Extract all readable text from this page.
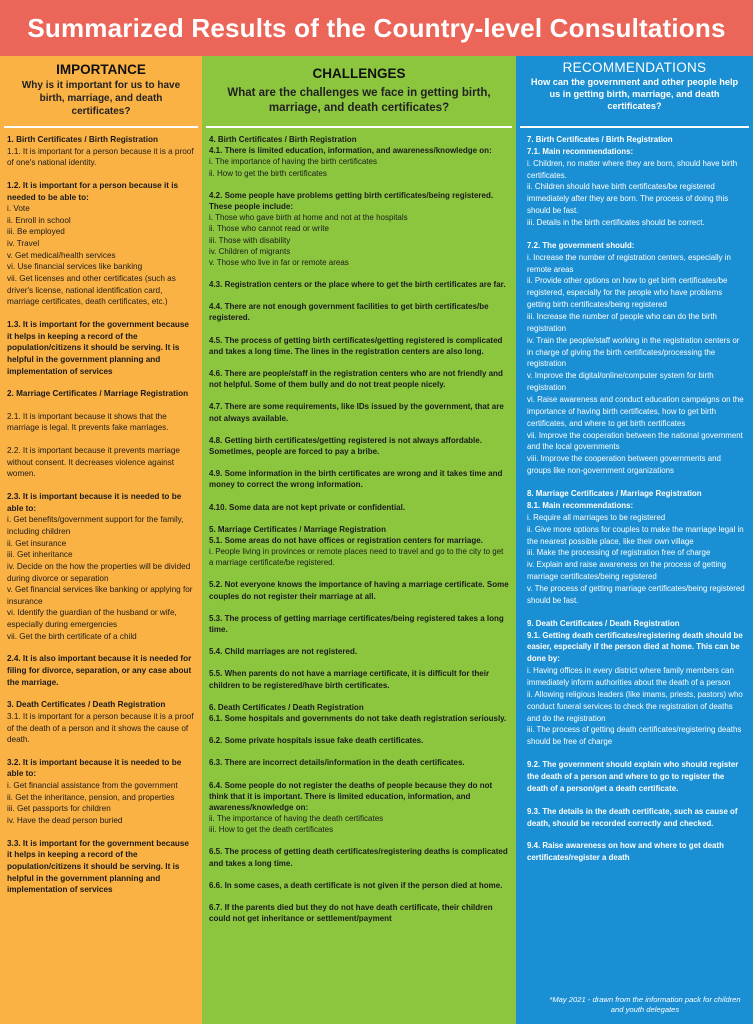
Summarized Results of the Country-level Consultations
IMPORTANCE
Why is it important for us to have birth, marriage, and death certificates?
1. Birth Certificates / Birth Registration
1.1. It is important for a person because it is a proof of one's national identity.
1.2. It is important for a person because it is needed to be able to:
i. Vote
ii. Enroll in school
iii. Be employed
iv. Travel
v. Get medical/health services
vi. Use financial services like banking
vii. Get licenses and other certificates (such as driver's license, national identification card, marriage certificates, death certificates, etc.)
1.3. It is important for the government because it helps in keeping a record of the population/citizens it should be serving. It is helpful in the government planning and implementation of services
2. Marriage Certificates / Marriage Registration
2.1. It is important because it shows that the marriage is legal. It prevents fake marriages.
2.2. It is important because it prevents marriage without consent. It decreases violence against women.
2.3. It is important because it is needed to be able to:
i. Get benefits/government support for the family, including children
ii. Get insurance
iii. Get inheritance
iv. Decide on the how the properties will be divided during divorce or separation
v. Get financial services like banking or applying for insurance
vi. Identify the guardian of the husband or wife, especially during emergencies
vii. Get the birth certificate of a child
2.4. It is also important because it is needed for filing for divorce, separation, or any case about the marriage.
3. Death Certificates / Death Registration
3.1. It is important for a person because it is a proof of the death of a person and it shows the cause of death.
3.2. It is important because it is needed to be able to:
i. Get financial assistance from the government
ii. Get the inheritance, pension, and properties
iii. Get passports for children
iv. Have the dead person buried
3.3. It is important for the government because it helps in keeping a record of the population/citizens it should be serving. It is helpful in the government planning and implementation of services
CHALLENGES
What are the challenges we face in getting birth, marriage, and death certificates?
4. Birth Certificates / Birth Registration
4.1. There is limited education, information, and awareness/knowledge on:
i. The importance of having the birth certificates
ii. How to get the birth certificates
4.2. Some people have problems getting birth certificates/being registered. These people include:
i. Those who gave birth at home and not at the hospitals
ii. Those who cannot read or write
iii. Those with disability
iv. Children of migrants
v. Those who live in far or remote areas
4.3. Registration centers or the place where to get the birth certificates are far.
4.4. There are not enough government facilities to get birth certificates/be registered.
4.5. The process of getting birth certificates/getting registered is complicated and takes a long time. The lines in the registration centers are also long.
4.6. There are people/staff in the registration centers who are not friendly and not helpful. Some of them bully and do not treat people nicely.
4.7. There are some requirements, like IDs issued by the government, that are not always available.
4.8. Getting birth certificates/getting registered is not always affordable. Sometimes, people are forced to pay a bribe.
4.9. Some information in the birth certificates are wrong and it takes time and money to correct the wrong information.
4.10. Some data are not kept private or confidential.
5. Marriage Certificates / Marriage Registration
5.1. Some areas do not have offices or registration centers for marriage.
i. People living in provinces or remote places need to travel and go to the city to get a marriage certificate/be registered.
5.2. Not everyone knows the importance of having a marriage certificate. Some couples do not register their marriage at all.
5.3. The process of getting marriage certificates/being registered takes a long time.
5.4. Child marriages are not registered.
5.5. When parents do not have a marriage certificate, it is difficult for their children to be registered/have birth certificates.
6. Death Certificates / Death Registration
6.1. Some hospitals and governments do not take death registration seriously.
6.2. Some private hospitals issue fake death certificates.
6.3. There are incorrect details/information in the death certificates.
6.4. Some people do not register the deaths of people because they do not think that it is important. There is limited education, information, and awareness/knowledge on:
ii. The importance of having the death certificates
iii. How to get the death certificates
6.5. The process of getting death certificates/registering deaths is complicated and takes a long time.
6.6. In some cases, a death certificate is not given if the person died at home.
6.7. If the parents died but they do not have death certificate, their children could not get inheritance or settlement/payment
RECOMMENDATIONS
How can the government and other people help us in getting birth, marriage, and death certificates?
7. Birth Certificates / Birth Registration
7.1. Main recommendations:
i. Children, no matter where they are born, should have birth certificates.
ii. Children should have birth certificates/be registered immediately after they are born. The process of doing this should be fast.
iii. Details in the birth certificates should be correct.
7.2. The government should:
i. Increase the number of registration centers, especially in remote areas
ii. Provide other options on how to get birth certificates/be registered, especially for the people who have problems getting birth certificates/being registered
iii. Increase the number of people who can do the birth registration
iv. Train the people/staff working in the registration centers or in charge of giving the birth certificates/processing the registration
v. Improve the digital/online/computer system for birth registration
vi. Raise awareness and conduct education campaigns on the importance of having birth certificates, how to get birth certificates, and where to get birth certificates
vii. Improve the cooperation between the national government and the local governments
viii. Improve the cooperation between governments and groups like non-government organizations
8. Marriage Certificates / Marriage Registration
8.1. Main recommendations:
i. Require all marriages to be registered
ii. Give more options for couples to make the marriage legal in the nearest possible place, like their own village
iii. Make the processing of registration free of charge
iv. Explain and raise awareness on the process of getting marriage certificates/being registered
v. The process of getting marriage certificates/being registered should be fast.
9. Death Certificates / Death Registration
9.1. Getting death certificates/registering death should be easier, especially if the person died at home. This can be done by:
i. Having offices in every district where family members can immediately inform authorities about the death of a person
ii. Allowing religious leaders (like imams, priests, pastors) who conduct funeral services to check the registration of deaths and do the registration
iii. The process of getting death certificates/registering deaths should be free of charge
9.2. The government should explain who should register the death of a person and where to go to register the death of a person/get a death certificate.
9.3. The details in the death certificate, such as cause of death, should be recorded correctly and checked.
9.4. Raise awareness on how and where to get death certificates/register a death
*May 2021 - drawn from the information pack for children and youth delegates
